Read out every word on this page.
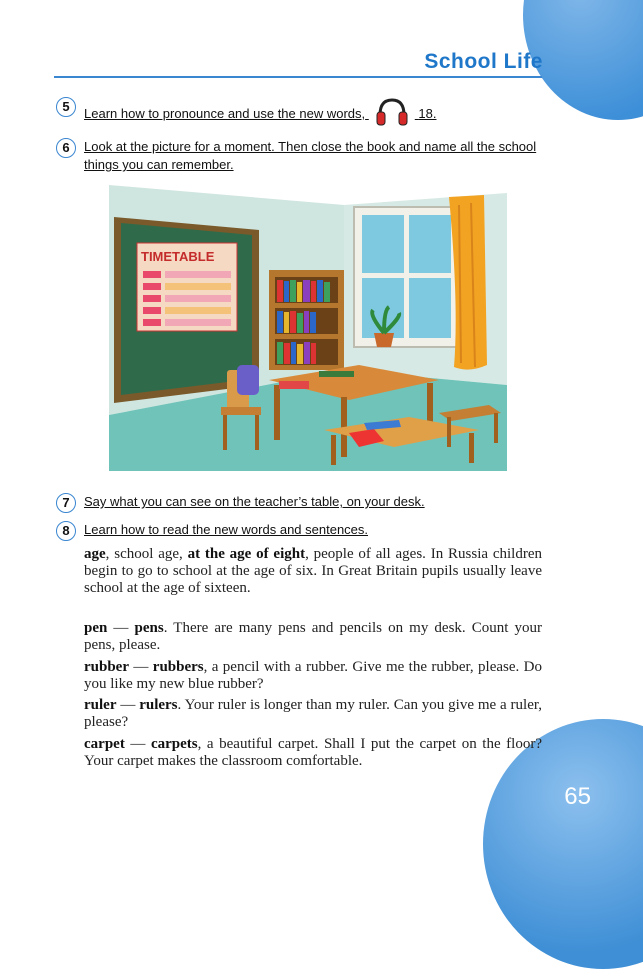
School Life
5	Learn how to pronounce and use the new words,	18.
6	Look at the picture for a moment. Then close the book and name all the school things you can remember.
TIMETABLE
7	Say what you can see on the teacher’s table, on your desk.
8	Learn how to read the new words and sentences.

age, school age, at the age of eight, people of all ages. In Russia children begin to go to school at the age of six. In Great Britain pupils usually leave school at the age of sixteen.

pen — pens. There are many pens and pencils on my desk. Count your pens, please.

rubber — rubbers, a pencil with a rubber. Give me the rubber, please. Do you like my new blue rubber?

ruler — rulers. Your ruler is longer than my ruler. Can you give me a ruler, please?

carpet — carpets, a beautiful carpet. Shall I put the carpet on the floor? Your carpet makes the classroom comfortable.

65
